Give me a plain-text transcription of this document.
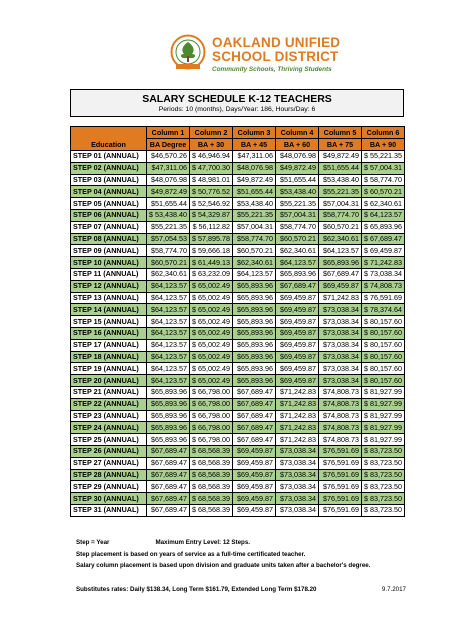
OAKLAND UNIFIED
SCHOOL DISTRICT
Community Schools, Thriving Students
SALARY SCHEDULE K-12 TEACHERS
Periods: 10 (months), Days/Year: 186, Hours/Day: 6
Education	Column 1	Column 2	Column 3	Column 4	Column 5	Column 6
	BA Degree	BA + 30	BA + 45	BA + 60	BA + 75	BA + 90
STEP 01 (ANNUAL)	$46,570.26	$ 46,946.94	$47,311.06	$48,076.98	$49,872.49	$ 55,221.35
STEP 02 (ANNUAL)	$47,311.06	$ 47,700.30	$48,076.98	$49,872.49	$51,655.44	$ 57,004.31
STEP 03 (ANNUAL)	$48,076.98	$ 48,981.01	$49,872.49	$51,655.44	$53,438.40	$ 58,774.70
STEP 04 (ANNUAL)	$49,872.49	$ 50,776.52	$51,655.44	$53,438.40	$55,221.35	$ 60,570.21
STEP 05 (ANNUAL)	$51,655.44	$ 52,546.92	$53,438.40	$55,221.35	$57,004.31	$ 62,340.61
STEP 06 (ANNUAL)	$ 53,438.40	$ 54,329.87	$55,221.35	$57,004.31	$58,774.70	$ 64,123.57
STEP 07 (ANNUAL)	$55,221.35	$ 56,112.82	$57,004.31	$58,774.70	$60,570.21	$ 65,893.96
STEP 08 (ANNUAL)	$57,054.53	$ 57,895.78	$58,774.70	$60,570.21	$62,340.61	$ 67,689.47
STEP 09 (ANNUAL)	$58,774.70	$ 59,666.18	$60,570.21	$62,340.61	$64,123.57	$ 69,459.87
STEP 10 (ANNUAL)	$60,570.21	$ 61,449.13	$62,340.61	$64,123.57	$65,893.96	$ 71,242.83
STEP 11 (ANNUAL)	$62,340.61	$ 63,232.09	$64,123.57	$65,893.96	$67,689.47	$ 73,038.34
STEP 12 (ANNUAL)	$64,123.57	$ 65,002.49	$65,893.96	$67,689.47	$69,459.87	$ 74,808.73
STEP 13 (ANNUAL)	$64,123.57	$ 65,002.49	$65,893.96	$69,459.87	$71,242.83	$ 76,591.69
STEP 14 (ANNUAL)	$64,123.57	$ 65,002.49	$65,893.96	$69,459.87	$73,038.34	$ 78,374.64
STEP 15 (ANNUAL)	$64,123.57	$ 65,002.49	$65,893.96	$69,459.87	$73,038.34	$ 80,157.60
STEP 16 (ANNUAL)	$64,123.57	$ 65,002.49	$65,893.96	$69,459.87	$73,038.34	$ 80,157.60
STEP 17 (ANNUAL)	$64,123.57	$ 65,002.49	$65,893.96	$69,459.87	$73,038.34	$ 80,157.60
STEP 18 (ANNUAL)	$64,123.57	$ 65,002.49	$65,893.96	$69,459.87	$73,038.34	$ 80,157.60
STEP 19 (ANNUAL)	$64,123.57	$ 65,002.49	$65,893.96	$69,459.87	$73,038.34	$ 80,157.60
STEP 20 (ANNUAL)	$64,123.57	$ 65,002.49	$65,893.96	$69,459.87	$73,038.34	$ 80,157.60
STEP 21 (ANNUAL)	$65,893.96	$ 66,798.00	$67,689.47	$71,242.83	$74,808.73	$ 81,927.99
STEP 22 (ANNUAL)	$65,893.96	$ 66,798.00	$67,689.47	$71,242.83	$74,808.73	$ 81,927.99
STEP 23 (ANNUAL)	$65,893.96	$ 66,798.00	$67,689.47	$71,242.83	$74,808.73	$ 81,927.99
STEP 24 (ANNUAL)	$65,893.96	$ 66,798.00	$67,689.47	$71,242.83	$74,808.73	$ 81,927.99
STEP 25 (ANNUAL)	$65,893.96	$ 66,798.00	$67,689.47	$71,242.83	$74,808.73	$ 81,927.99
STEP 26 (ANNUAL)	$67,689.47	$ 68,568.39	$69,459.87	$73,038.34	$76,591.69	$ 83,723.50
STEP 27 (ANNUAL)	$67,689.47	$ 68,568.39	$69,459.87	$73,038.34	$76,591.69	$ 83,723.50
STEP 28 (ANNUAL)	$67,689.47	$ 68,568.39	$69,459.87	$73,038.34	$76,591.69	$ 83,723.50
STEP 29 (ANNUAL)	$67,689.47	$ 68,568.39	$69,459.87	$73,038.34	$76,591.69	$ 83,723.50
STEP 30 (ANNUAL)	$67,689.47	$ 68,568.39	$69,459.87	$73,038.34	$76,591.69	$ 83,723.50
STEP 31 (ANNUAL)	$67,689.47	$ 68,568.39	$69,459.87	$73,038.34	$76,591.69	$ 83,723.50
Step = Year	Maximum Entry Level: 12 Steps.
Step placement is based on years of service as a full-time certificated teacher.
Salary column placement is based upon division and graduate units taken after a bachelor's degree.
Substitutes rates: Daily $138.34, Long Term $161.79, Extended Long Term $178.20	9.7.2017
